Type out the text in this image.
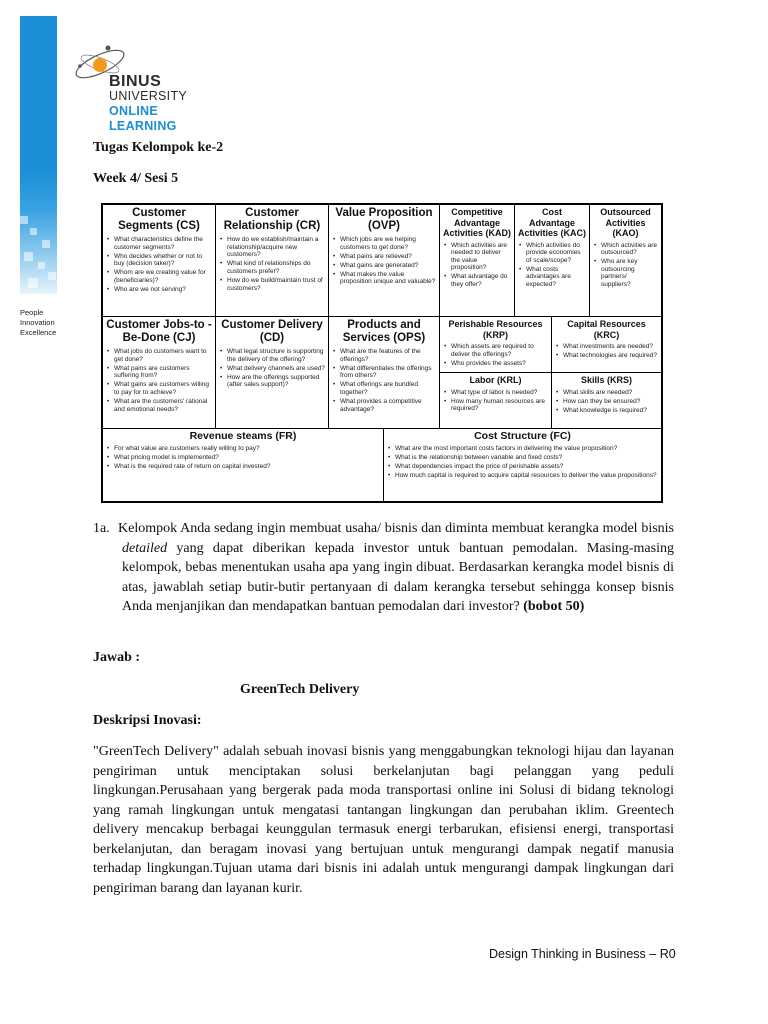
People
Innovation
Excellence
BINUS
UNIVERSITY
ONLINE
LEARNING
Tugas Kelompok ke-2
Week 4/ Sesi 5
Customer Segments (CS)
• What characteristics define the customer segments?
• Who decides whether or not to buy (decision taker)?
• Whom are we creating value for (beneficiaries)?
• Who are we not serving?
Customer Relationship (CR)
• How do we establish/maintain a relationship/acquire new customers?
• What kind of relationships do customers prefer?
• How do we build/maintain trust of customers?
Value Proposition (OVP)
• Which jobs are we helping customers to get done?
• What pains are relieved?
• What gains are generated?
• What makes the value proposition unique and valuable?
Competitive Advantage Activities (KAD)
• Which activities are needed to deliver the value proposition?
• What advantage do they offer?
Cost Advantage Activities (KAC)
• Which activities do provide economies of scale/scope?
• What costs advantages are expected?
Outsourced Activities (KAO)
• Which activities are outsourced?
• Who are key outsourcing partners/ suppliers?
Customer Jobs-to - Be-Done (CJ)
• What jobs do customers want to get done?
• What pains are customers suffering from?
• What gains are customers willing to pay for to achieve?
• What are the customers' rational and emotional needs?
Customer Delivery (CD)
• What legal structure is supporting the delivery of the offering?
• What delivery channels are used?
• How are the offerings supported (after sales support)?
Products and Services (OPS)
• What are the features of the offerings?
• What differentiates the offerings from others?
• What offerings are bundled together?
• What provides a competitive advantage?
Perishable Resources (KRP)
• Which assets are required to deliver the offerings?
• Who provides the assets?
Capital Resources (KRC)
• What investments are needed?
• What technologies are required?
Labor (KRL)
• What type of labor is needed?
• How many human resources are required?
Skills (KRS)
• What skills are needed?
• How can they be ensured?
• What knowledge is required?
Revenue steams (FR)
• For what value are customers really willing to pay?
• What pricing model is implemented?
• What is the required rate of return on capital invested?
Cost Structure (FC)
• What are the most important costs factors in delivering the value proposition?
• What is the relationship between variable and fixed costs?
• What dependencies impact the price of perishable assets?
• How much capital is required to acquire capital resources to deliver the value propositions?
1a. Kelompok Anda sedang ingin membuat usaha/ bisnis dan diminta membuat kerangka model bisnis detailed yang dapat diberikan kepada investor untuk bantuan pemodalan. Masing-masing kelompok, bebas menentukan usaha apa yang ingin dibuat. Berdasarkan kerangka model bisnis di atas, jawablah setiap butir-butir pertanyaan di dalam kerangka tersebut sehingga konsep bisnis Anda menjanjikan dan mendapatkan bantuan pemodalan dari investor? (bobot 50)
Jawab :
GreenTech Delivery
Deskripsi Inovasi:
"GreenTech Delivery" adalah sebuah inovasi bisnis yang menggabungkan teknologi hijau dan layanan pengiriman untuk menciptakan solusi berkelanjutan bagi pelanggan yang peduli lingkungan.Perusahaan yang bergerak pada moda transportasi online ini Solusi di bidang teknologi yang ramah lingkungan untuk mengatasi tantangan lingkungan dan perubahan iklim. Greentech delivery mencakup berbagai keunggulan termasuk energi terbarukan, efisiensi energi, transportasi berkelanjutan, dan beragam inovasi yang bertujuan untuk mengurangi dampak negatif manusia terhadap lingkungan.Tujuan utama dari bisnis ini adalah untuk mengurangi dampak lingkungan dari pengiriman barang dan layanan kurir.
Design Thinking in Business – R0
